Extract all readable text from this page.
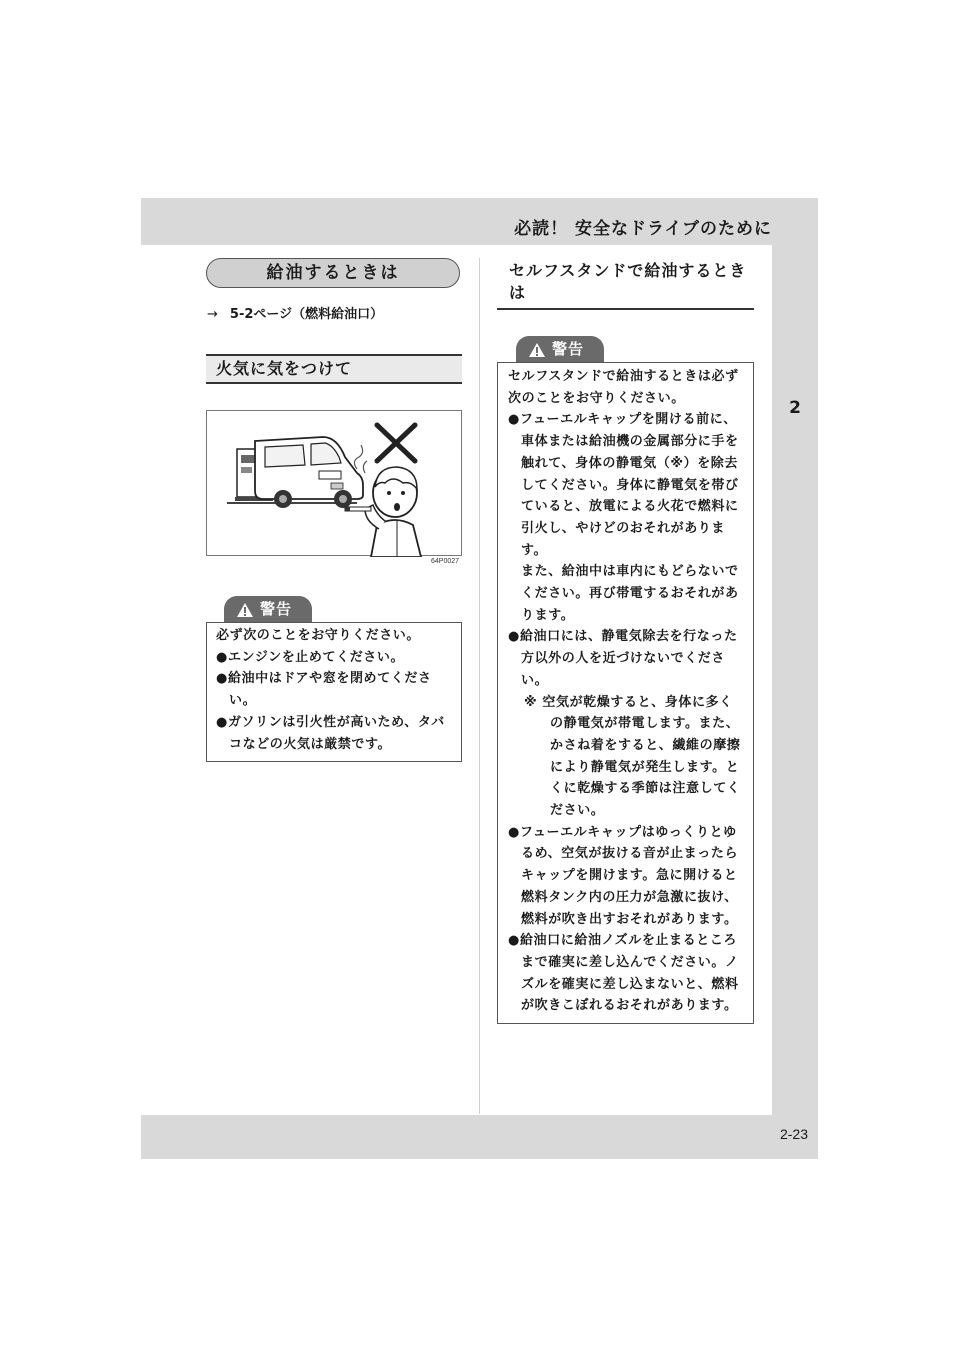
必読！ 安全なドライブのために
2
給油するときは
→ 5-2ページ（燃料給油口）
火気に気をつけて
64P0027
警告

必ず次のことをお守りください。

●エンジンを止めてください。

●給油中はドアや窓を閉めてください。

●ガソリンは引火性が高いため、タバコなどの火気は厳禁です。

セルフスタンドで給油するときは
警告

セルフスタンドで給油するときは必ず次のことをお守りください。

●フューエルキャップを開ける前に、車体または給油機の金属部分に手を触れて、身体の静電気（※）を除去してください。身体に静電気を帯びていると、放電による火花で燃料に引火し、やけどのおそれがあります。

また、給油中は車内にもどらないでください。再び帯電するおそれがあります。

●給油口には、静電気除去を行なった方以外の人を近づけないでください。

※ 空気が乾燥すると、身体に多くの静電気が帯電します。また、かさね着をすると、繊維の摩擦により静電気が発生します。とくに乾燥する季節は注意してください。

●フューエルキャップはゆっくりとゆるめ、空気が抜ける音が止まったらキャップを開けます。急に開けると燃料タンク内の圧力が急激に抜け、燃料が吹き出すおそれがあります。

●給油口に給油ノズルを止まるところまで確実に差し込んでください。ノズルを確実に差し込まないと、燃料が吹きこぼれるおそれがあります。

2-23
